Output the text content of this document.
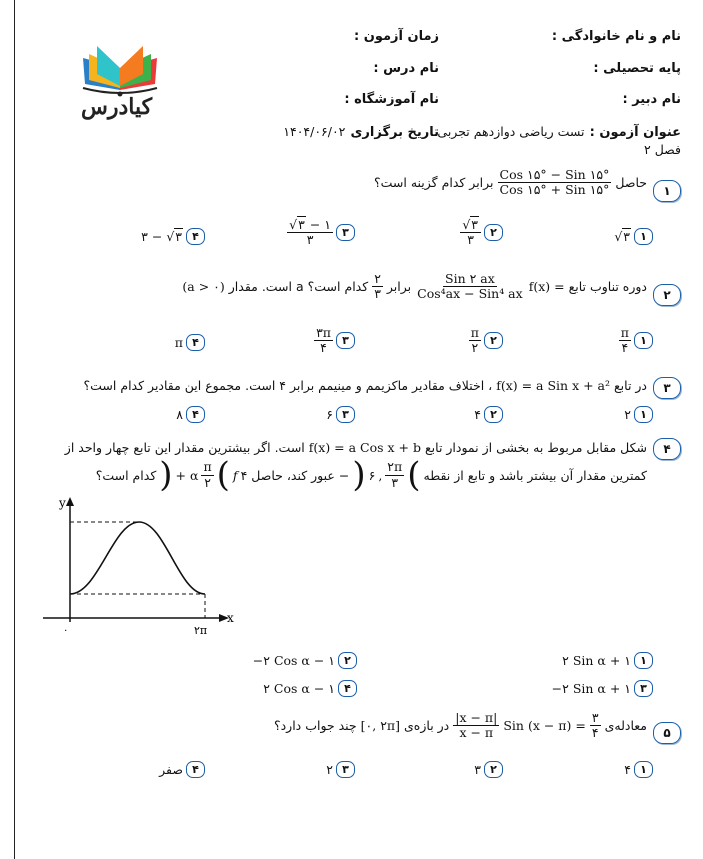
نام و نام خانوادگی :
زمان آزمون :
پایه تحصیلی :
نام درس :
نام دبیر :
نام آموزشگاه :
عنوان آزمون : تست ریاضی دوازدهم تجربی
تاریخ برگزاری ۱۴۰۴/۰۶/۰۲
فصل ۲
کیادرس
۱
حاصل
$\frac{\text{Cos ۱۵° − Sin ۱۵°}}{\text{Cos ۱۵° + Sin ۱۵°}}$
برابر کدام گزینه است؟
۱
√۳
۲
$\frac{√۳}{۳}$
۳
$\frac{√۳ - ۱}{۳}$
۴
۳ − √۳
۲
دوره تناوب تابع
f(x) =
$\frac{\text{Sin ۲ ax}}{\text{Cos⁴ax − Sin⁴ ax}}$
برابر
$\frac{۲}{۳}$
است. مقدار a کدام است؟
(a > ۰)
۱
$\frac{\pi}{۴}$
۲
$\frac{\pi}{۲}$
۳
$\frac{۳\pi}{۴}$
۴
π
۳
در تابع
f(x) = a Sin x + a²
، اختلاف مقادیر ماکزیمم و مینیمم برابر ۴ است. مجموع این مقادیر کدام است؟
۱
۲
۲
۴
۳
۶
۴
۸
۴
شکل مقابل مربوط به بخشی از نمودار تابع
f(x) = a Cos x + b
است. اگر بیشترین مقدار این تابع چهار واحد از
کمترین مقدار آن بیشتر باشد و تابع از نقطه
(
$\frac{۲\pi}{۳}$
,
۶
)
عبور کند، حاصل ۴ −
f
(
$\frac{\pi}{۲}$
+ α
)
کدام است؟
y
x
۰	۲π
۱
۲ Sin α + ۱
۲
−۲ Cos α − ۱
۳
−۲ Sin α + ۱
۴
۲ Cos α − ۱
۵
معادله‌ی
$\frac{۳}{۴}$
=
Sin (x − π)
$\frac{|x - \pi|}{x - \pi}$
در بازه‌ی
[۰, ۲π]
چند جواب دارد؟
۱
۴
۲
۳
۳
۲
۴
صفر
